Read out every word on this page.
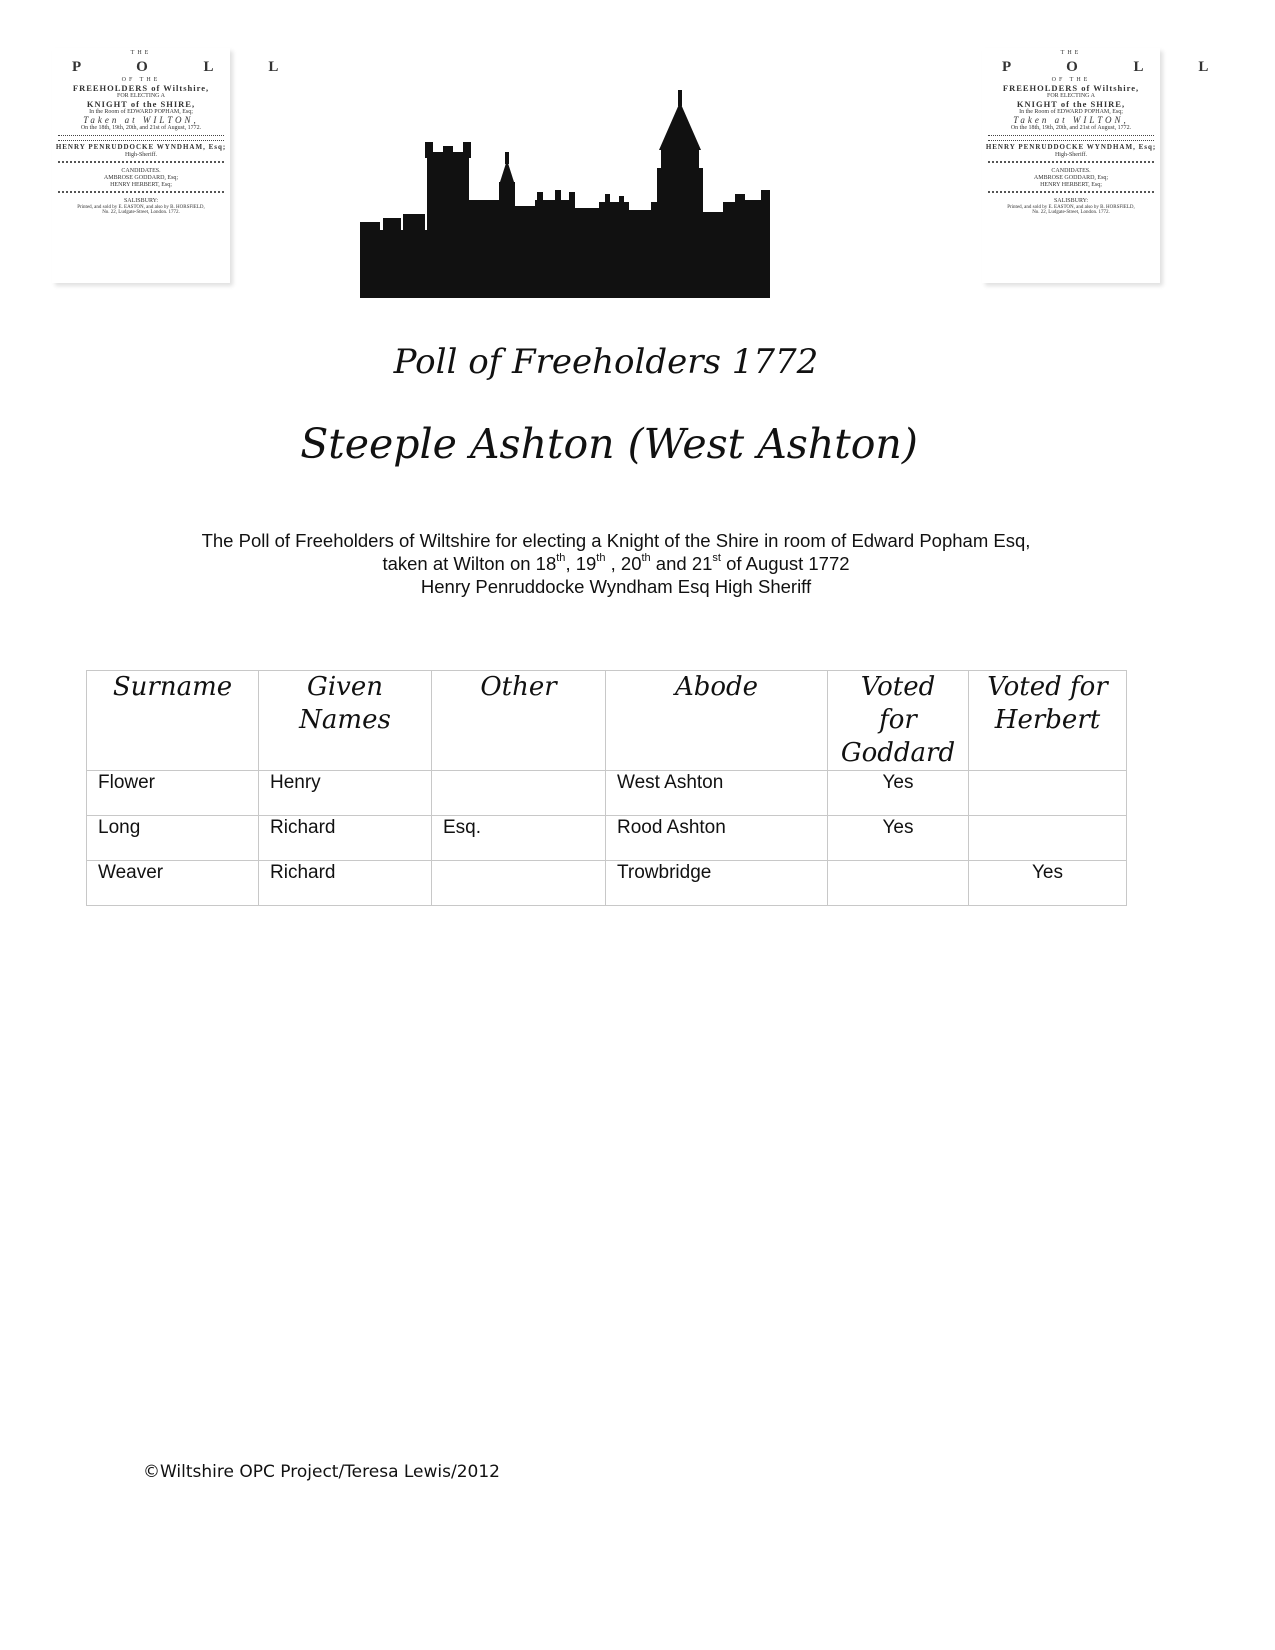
THE
P O L L
OF THE
FREEHOLDERS of Wiltshire,
FOR ELECTING A
KNIGHT of the SHIRE,
In the Room of EDWARD POPHAM, Esq;
Taken at WILTON,
On the 18th, 19th, 20th, and 21st of August, 1772.
HENRY PENRUDDOCKE WYNDHAM, Esq;
High-Sheriff.
CANDIDATES.
AMBROSE GODDARD, Esq;
HENRY HERBERT, Esq;
SALISBURY:
Printed, and sold by E. EASTON, and also by B. HORSFIELD,
No. 22, Ludgate-Street, London. 1772.
THE
P O L L
OF THE
FREEHOLDERS of Wiltshire,
FOR ELECTING A
KNIGHT of the SHIRE,
In the Room of EDWARD POPHAM, Esq;
Taken at WILTON,
On the 18th, 19th, 20th, and 21st of August, 1772.
HENRY PENRUDDOCKE WYNDHAM, Esq;
High-Sheriff.
CANDIDATES.
AMBROSE GODDARD, Esq;
HENRY HERBERT, Esq;
SALISBURY:
Printed, and sold by E. EASTON, and also by B. HORSFIELD,
No. 22, Ludgate-Street, London. 1772.
Poll of Freeholders 1772
Steeple Ashton (West Ashton)
The Poll of Freeholders of Wiltshire for electing a Knight of the Shire in room of Edward Popham Esq,
taken at Wilton on 18th, 19th , 20th and 21st of August 1772
Henry Penruddocke Wyndham Esq High Sheriff
Surname	Given Names	Other	Abode	Voted for Goddard	Voted for Herbert
Flower	Henry		West Ashton	Yes	
Long	Richard	Esq.	Rood Ashton	Yes	
Weaver	Richard		Trowbridge		Yes
©Wiltshire OPC Project/Teresa Lewis/2012
